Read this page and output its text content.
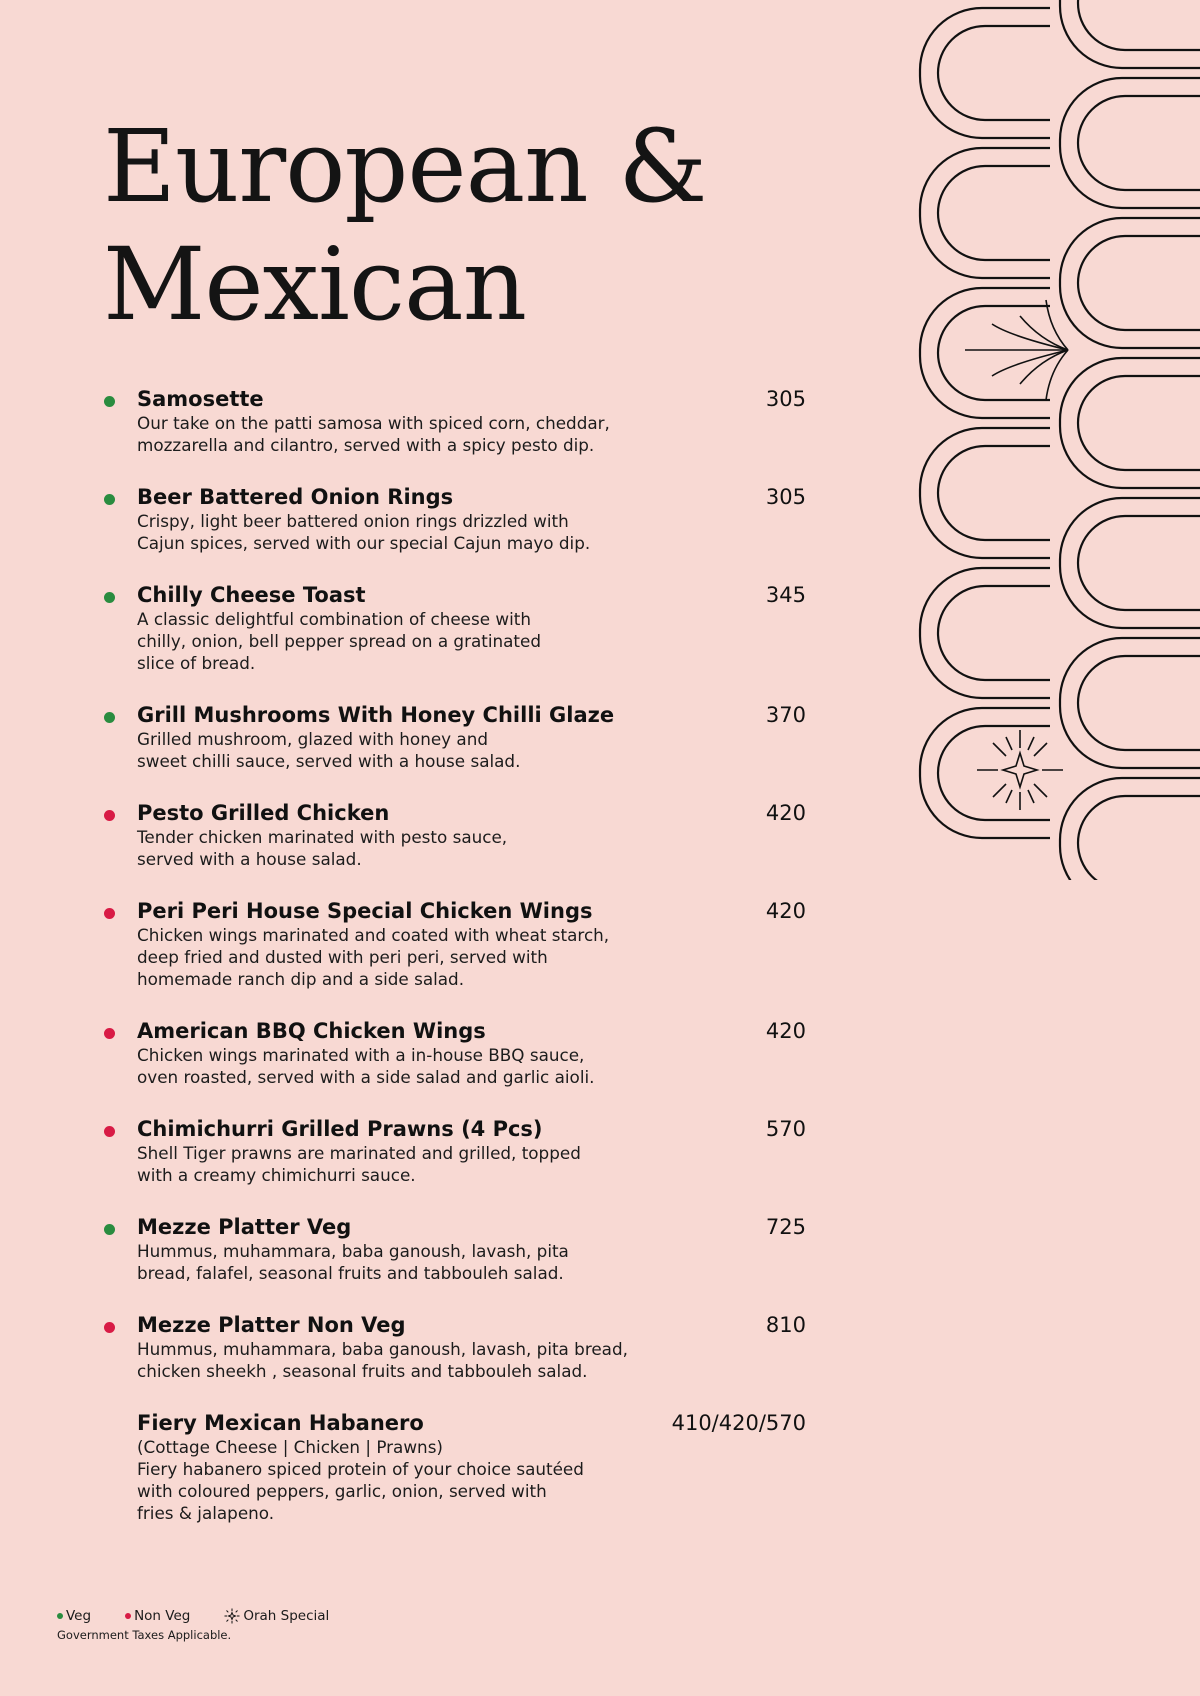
European &
Mexican
Samosette	305
Our take on the patti samosa with spiced corn, cheddar,
mozzarella and cilantro, served with a spicy pesto dip.
Beer Battered Onion Rings	305
Crispy, light beer battered onion rings drizzled with
Cajun spices, served with our special Cajun mayo dip.
Chilly Cheese Toast	345
A classic delightful combination of cheese with
chilly, onion, bell pepper spread on a gratinated
slice of bread.
Grill Mushrooms With Honey Chilli Glaze	370
Grilled mushroom, glazed with honey and
sweet chilli sauce, served with a house salad.
Pesto Grilled Chicken	420
Tender chicken marinated with pesto sauce,
served with a house salad.
Peri Peri House Special Chicken Wings	420
Chicken wings marinated and coated with wheat starch,
deep fried and dusted with peri peri, served with
homemade ranch dip and a side salad.
American BBQ Chicken Wings	420
Chicken wings marinated with a in-house BBQ sauce,
oven roasted, served with a side salad and garlic aioli.
Chimichurri Grilled Prawns (4 Pcs)	570
Shell Tiger prawns are marinated and grilled, topped
with a creamy chimichurri sauce.
Mezze Platter Veg	725
Hummus, muhammara, baba ganoush, lavash, pita
bread, falafel, seasonal fruits and tabbouleh salad.
Mezze Platter Non Veg	810
Hummus, muhammara, baba ganoush, lavash, pita bread,
chicken sheekh , seasonal fruits and tabbouleh salad.
Fiery Mexican Habanero	410/420/570
(Cottage Cheese | Chicken | Prawns)
Fiery habanero spiced protein of your choice sautéed
with coloured peppers, garlic, onion, served with
fries & jalapeno.
Veg	Non Veg	Orah Special
Government Taxes Applicable.
